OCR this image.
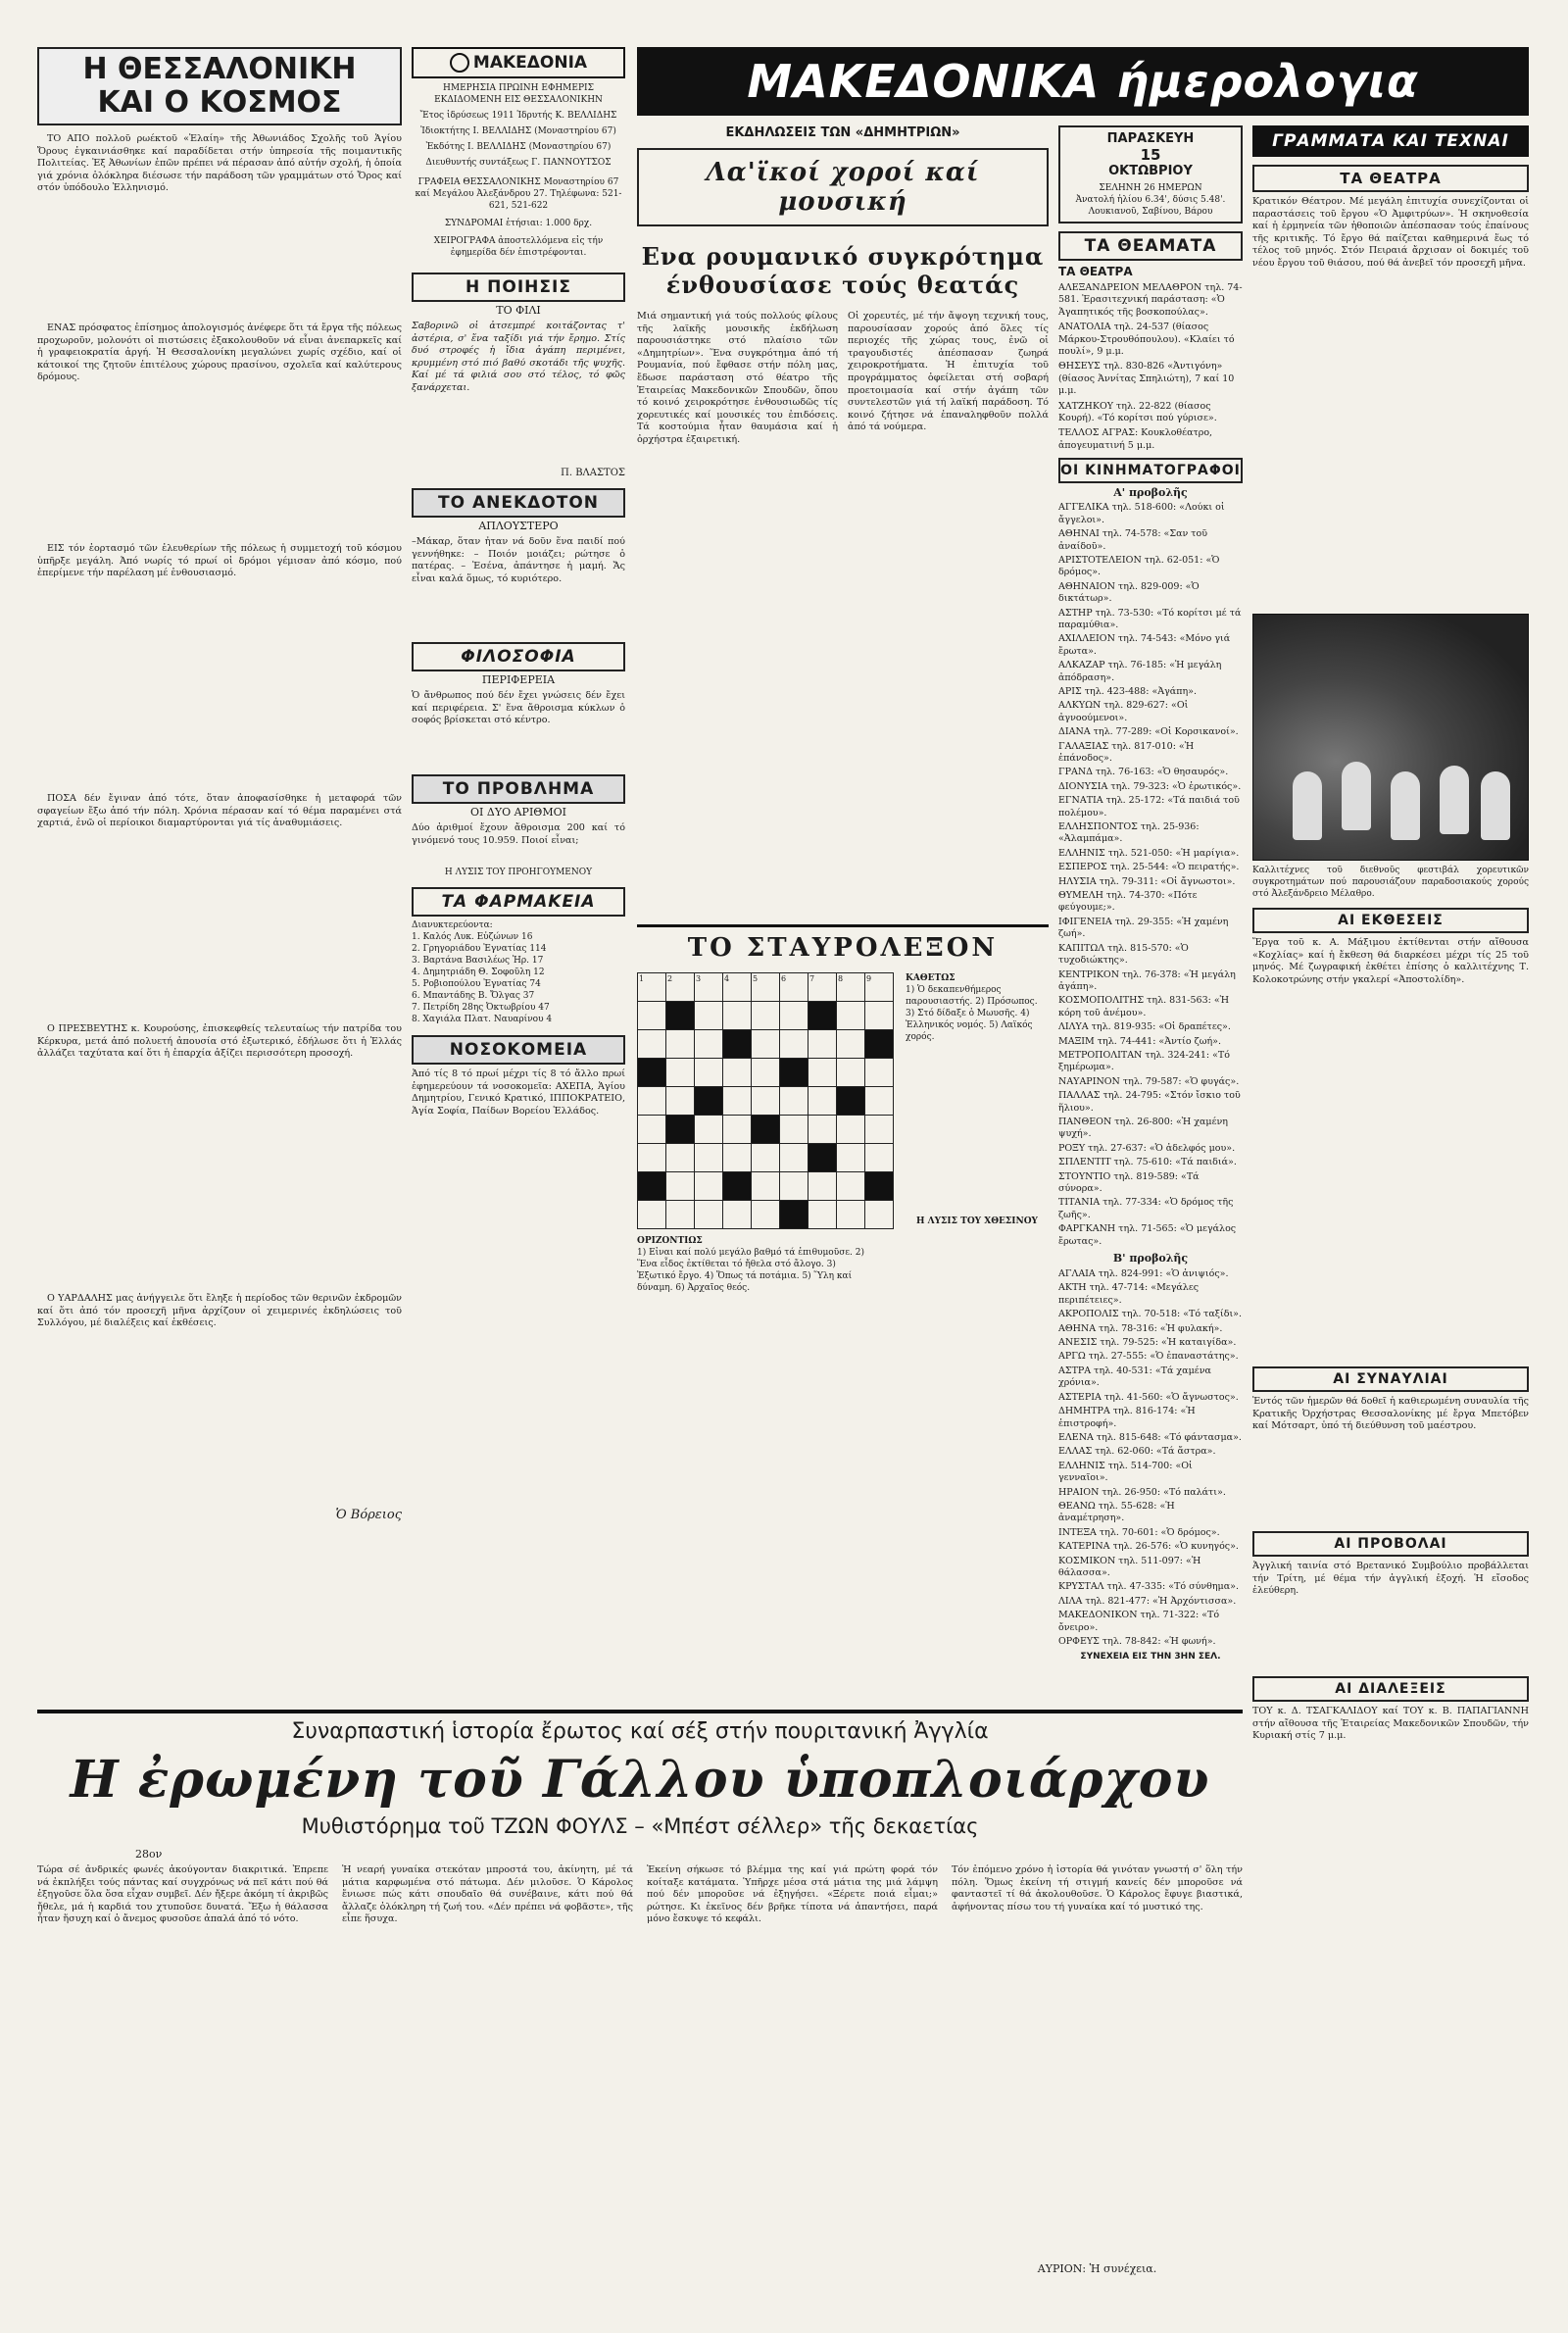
Η ΘΕΣΣΑΛΟΝΙΚΗ
ΚΑΙ Ο ΚΟΣΜΟΣ

ΤΟ ΑΠΟ πολλοῦ ρωέκτοῦ «Ἑλαίη» τῆς Ἀθωνιάδος Σχολῆς τοῦ Ἁγίου Ὄρους ἐγκαινιάσθηκε καί παραδίδεται στήν ὑπηρεσία τῆς ποιμαντικῆς Πολιτείας. Ἐξ Ἀθωνίων ἐπῶν πρέπει νά πέρασαν ἀπό αὐτήν σχολή, ἡ ὁποία γιά χρόνια ὁλόκληρα διέσωσε τήν παράδοση τῶν γραμμάτων στό Ὄρος καί στόν ὑπόδουλο Ἑλληνισμό.

ΕΝΑΣ πρόσφατος ἐπίσημος ἀπολογισμός ἀνέφερε ὅτι τά ἔργα τῆς πόλεως προχωροῦν, μολονότι οἱ πιστώσεις ἐξακολουθοῦν νά εἶναι ἀνεπαρκεῖς καί ἡ γραφειοκρατία ἀργή. Ἡ Θεσσαλονίκη μεγαλώνει χωρίς σχέδιο, καί οἱ κάτοικοί της ζητοῦν ἐπιτέλους χώρους πρασίνου, σχολεῖα καί καλύτερους δρόμους.

ΕΙΣ τόν ἑορτασμό τῶν ἐλευθερίων τῆς πόλεως ἡ συμμετοχή τοῦ κόσμου ὑπῆρξε μεγάλη. Ἀπό νωρίς τό πρωί οἱ δρόμοι γέμισαν ἀπό κόσμο, πού ἐπερίμενε τήν παρέλαση μέ ἐνθουσιασμό.

ΠΟΣΑ δέν ἔγιναν ἀπό τότε, ὅταν ἀποφασίσθηκε ἡ μεταφορά τῶν σφαγείων ἔξω ἀπό τήν πόλη. Χρόνια πέρασαν καί τό θέμα παραμένει στά χαρτιά, ἐνῶ οἱ περίοικοι διαμαρτύρονται γιά τίς ἀναθυμιάσεις.

Ο ΠΡΕΣΒΕΥΤΗΣ κ. Κουρούσης, ἐπισκεφθείς τελευταίως τήν πατρίδα του Κέρκυρα, μετά ἀπό πολυετή ἀπουσία στό ἐξωτερικό, ἐδήλωσε ὅτι ἡ Ἑλλάς ἀλλάζει ταχύτατα καί ὅτι ἡ ἐπαρχία ἀξίζει περισσότερη προσοχή.

Ο ΥΑΡΔΑΛΗΣ μας ἀνήγγειλε ὅτι ἔληξε ἡ περίοδος τῶν θερινῶν ἐκδρομῶν καί ὅτι ἀπό τόν προσεχῆ μῆνα ἀρχίζουν οἱ χειμερινές ἐκδηλώσεις τοῦ Συλλόγου, μέ διαλέξεις καί ἐκθέσεις.

Ὁ Βόρειος
ΜΑΚΕΔΟΝΙΑ
ΗΜΕΡΗΣΙΑ ΠΡΩΙΝΗ ΕΦΗΜΕΡΙΣ ΕΚΔΙΔΟΜΕΝΗ ΕΙΣ ΘΕΣΣΑΛΟΝΙΚΗΝ
Ἔτος ἱδρύσεως 1911 Ἱδρυτής Κ. ΒΕΛΛΙΔΗΣ
Ἰδιοκτήτης Ι. ΒΕΛΛΙΔΗΣ (Μοναστηρίου 67)
Ἐκδότης Ι. ΒΕΛΛΙΔΗΣ (Μοναστηρίου 67)
Διευθυντής συντάξεως Γ. ΠΑΝΝΟΥΤΣΟΣ
ΓΡΑΦΕΙΑ ΘΕΣΣΑΛΟΝΙΚΗΣ Μοναστηρίου 67 καί Μεγάλου Ἀλεξάνδρου 27. Τηλέφωνα: 521-621, 521-622
ΣΥΝΔΡΟΜΑΙ ἐτήσιαι: 1.000 δρχ.
ΧΕΙΡΟΓΡΑΦΑ ἀποστελλόμενα εἰς τήν ἐφημερίδα δέν ἐπιστρέφονται.
Η ΠΟΙΗΣΙΣ
ΤΟ ΦΙΛΙ
Σαβορινῶ οἱ ἀτσεμπρέ κοιτάζοντας τ' ἀστέρια, σ' ἕνα ταξίδι γιά τήν ἔρημο. Στίς δυό στροφές ἡ ἴδια ἀγάπη περιμένει, κρυμμένη στό πιό βαθύ σκοτάδι τῆς ψυχῆς. Καί μέ τά φιλιά σου στό τέλος, τό φῶς ξανάρχεται.
Π. ΒΛΑΣΤΟΣ
ΤΟ ΑΝΕΚΔΟΤΟΝ
ΑΠΛΟΥΣΤΕΡΟ
–Μάκαρ, ὅταν ἦταν νά δοῦν ἕνα παιδί πού γεννήθηκε: – Ποιόν μοιάζει; ρώτησε ὁ πατέρας. – Ἐσένα, ἀπάντησε ἡ μαμή. Ἄς εἶναι καλά ὅμως, τό κυριότερο.
ΦΙΛΟΣΟΦΙΑ
ΠΕΡΙΦΕΡΕΙΑ
Ὁ ἄνθρωπος πού δέν ἔχει γνώσεις δέν ἔχει καί περιφέρεια. Σ' ἕνα ἄθροισμα κύκλων ὁ σοφός βρίσκεται στό κέντρο.
ΤΟ ΠΡΟΒΛΗΜΑ
ΟΙ ΔΥΟ ΑΡΙΘΜΟΙ
Δύο ἀριθμοί ἔχουν ἄθροισμα 200 καί τό γινόμενό τους 10.959. Ποιοί εἶναι;
Η ΛΥΣΙΣ ΤΟΥ ΠΡΟΗΓΟΥΜΕΝΟΥ
ΤΑ ΦΑΡΜΑΚΕΙΑ
Διανυκτερεύοντα:
1. Καλός Λυκ. Εὐζώνων 16
2. Γρηγοριάδου Ἐγνατίας 114
3. Βαρτάνα Βασιλέως Ἠρ. 17
4. Δημητριάδη Θ. Σοφοῦλη 12
5. Ροβιοπούλου Ἐγνατίας 74
6. Μπαντάδης Β. Ὄλγας 37
7. Πετρίδη 28ης Ὀκτωβρίου 47
8. Χαγιάλα Πλατ. Ναυαρίνου 4
ΝΟΣΟΚΟΜΕΙΑ
Ἀπό τίς 8 τό πρωί μέχρι τίς 8 τό ἄλλο πρωί ἐφημερεύουν τά νοσοκομεῖα: ΑΧΕΠΑ, Ἁγίου Δημητρίου, Γενικό Κρατικό, ΙΠΠΟΚΡΑΤΕΙΟ, Ἀγία Σοφία, Παίδων Βορείου Ἑλλάδος.
ΜΑΚΕΔΟΝΙΚΑ ήμερολογια
ΕΚΔΗΛΩΣΕΙΣ ΤΩΝ «ΔΗΜΗΤΡΙΩΝ»
Λα'ϊκοί χοροί καί μουσική
Ενα ρουμανικό συγκρότημα
ένθουσίασε τούς θεατάς
Μιά σημαντική γιά τούς πολλούς φίλους τῆς λαϊκῆς μουσικῆς ἐκδήλωση παρουσιάστηκε στό πλαίσιο τῶν «Δημητρίων». Ἕνα συγκρότημα ἀπό τή Ρουμανία, πού ἔφθασε στήν πόλη μας, ἔδωσε παράσταση στό θέατρο τῆς Ἑταιρείας Μακεδονικῶν Σπουδῶν, ὅπου τό κοινό χειροκρότησε ἐνθουσιωδῶς τίς χορευτικές καί μουσικές του ἐπιδόσεις. Τά κοστούμια ἦταν θαυμάσια καί ἡ ὀρχήστρα ἐξαιρετική.
Οἱ χορευτές, μέ τήν ἄψογη τεχνική τους, παρουσίασαν χορούς ἀπό ὅλες τίς περιοχές τῆς χώρας τους, ἐνῶ οἱ τραγουδιστές ἀπέσπασαν ζωηρά χειροκροτήματα. Ἡ ἐπιτυχία τοῦ προγράμματος ὀφείλεται στή σοβαρή προετοιμασία καί στήν ἀγάπη τῶν συντελεστῶν γιά τή λαϊκή παράδοση. Τό κοινό ζήτησε νά ἐπαναληφθοῦν πολλά ἀπό τά νούμερα.
ΤΟ ΣΤΑΥΡΟΛΕΞΟΝ
1	2	3	4	5	6	7	8	9

ΟΡΙΖΟΝΤΙΩΣ
1) Εἶναι καί πολύ μεγάλο βαθμό τά ἐπιθυμοῦσε. 2) Ἕνα εἶδος ἐκτίθεται τό ἤθελα στό ἄλογο. 3) Ἐξωτικό ἔργο. 4) Ὅπως τά ποτάμια. 5) Ὕλη καί δύναμη. 6) Ἀρχαῖος θεός.
ΚΑΘΕΤΩΣ
1) Ὁ δεκαπενθήμερος παρουσιαστής. 2) Πρόσωπος. 3) Στό δίδαξε ὁ Μωυσῆς. 4) Ἑλληνικός νομός. 5) Λαϊκός χορός.
Η ΛΥΣΙΣ ΤΟΥ ΧΘΕΣΙΝΟΥ
ΠΑΡΑΣΚΕΥΗ
15
ΟΚΤΩΒΡΙΟΥ
ΣΕΛΗΝΗ 26 ΗΜΕΡΩΝ
Ἀνατολή ἡλίου 6.34', δύσις 5.48'.
Λουκιανοῦ, Σαβίνου, Βάρου
ΤΑ ΘΕΑΜΑΤΑ
ΤΑ ΘΕΑΤΡΑ
ΑΛΕΞΑΝΔΡΕΙΟΝ ΜΕΛΑΘΡΟΝ τηλ. 74-581. Ἐρασιτεχνική παράσταση: «Ὁ Ἀγαπητικός τῆς βοσκοπούλας».
ΑΝΑΤΟΛΙΑ τηλ. 24-537 (θίασος Μάρκου-Στρουθόπουλου). «Κλαίει τό πουλί», 9 μ.μ.
ΘΗΣΕΥΣ τηλ. 830-826 «Ἀντιγόνη» (θίασος Ἀννίτας Σπηλιώτη), 7 καί 10 μ.μ.
ΧΑΤΖΗΚΟΥ τηλ. 22-822 (θίασος Κουρή). «Τό κορίτσι πού γύρισε».
ΤΕΛΛΟΣ ΑΓΡΑΣ: Κουκλοθέατρο, ἀπογευματινή 5 μ.μ.
ΟΙ ΚΙΝΗΜΑΤΟΓΡΑΦΟΙ
Α' προβολῆς
ΑΓΓΕΛΙΚΑ τηλ. 518-600: «Λούκι οἱ ἄγγελοι».
ΑΘΗΝΑΙ τηλ. 74-578: «Σαν τοῦ ἀναίδοῦ».
ΑΡΙΣΤΟΤΕΛΕΙΟΝ τηλ. 62-051: «Ὁ δρόμος».
ΑΘΗΝΑΙΟΝ τηλ. 829-009: «Ὁ δικτάτωρ».
ΑΣΤΗΡ τηλ. 73-530: «Τό κορίτσι μέ τά παραμύθια».
ΑΧΙΛΛΕΙΟΝ τηλ. 74-543: «Μόνο γιά ἔρωτα».
ΑΛΚΑΖΑΡ τηλ. 76-185: «Ἡ μεγάλη ἀπόδραση».
ΑΡΙΣ τηλ. 423-488: «Ἀγάπη».
ΑΛΚΥΩΝ τηλ. 829-627: «Οἱ ἀγνοούμενοι».
ΔΙΑΝΑ τηλ. 77-289: «Οἱ Κορσικανοί».
ΓΑΛΑΞΙΑΣ τηλ. 817-010: «Ἡ ἐπάνοδος».
ΓΡΑΝΔ τηλ. 76-163: «Ὁ θησαυρός».
ΔΙΟΝΥΣΙΑ τηλ. 79-323: «Ὁ ἐρωτικός».
ΕΓΝΑΤΙΑ τηλ. 25-172: «Τά παιδιά τοῦ πολέμου».
ΕΛΛΗΣΠΟΝΤΟΣ τηλ. 25-936: «Ἀλαμπάμα».
ΕΛΛΗΝΙΣ τηλ. 521-050: «Ἡ μαρίγια».
ΕΣΠΕΡΟΣ τηλ. 25-544: «Ὁ πειρατής».
ΗΛΥΣΙΑ τηλ. 79-311: «Οἱ ἄγνωστοι».
ΘΥΜΕΛΗ τηλ. 74-370: «Πότε φεύγουμε;».
ΙΦΙΓΕΝΕΙΑ τηλ. 29-355: «Ἡ χαμένη ζωή».
ΚΑΠΙΤΩΛ τηλ. 815-570: «Ὁ τυχοδιώκτης».
ΚΕΝΤΡΙΚΟΝ τηλ. 76-378: «Ἡ μεγάλη ἀγάπη».
ΚΟΣΜΟΠΟΛΙΤΗΣ τηλ. 831-563: «Ἡ κόρη τοῦ ἀνέμου».
ΛΙΛΥΑ τηλ. 819-935: «Οἱ δραπέτες».
ΜΑΞΙΜ τηλ. 74-441: «Ἀντίο ζωή».
ΜΕΤΡΟΠΟΛΙΤΑΝ τηλ. 324-241: «Τό ξημέρωμα».
ΝΑΥΑΡΙΝΟΝ τηλ. 79-587: «Ὁ φυγάς».
ΠΑΛΛΑΣ τηλ. 24-795: «Στόν ἴσκιο τοῦ ἥλιου».
ΠΑΝΘΕΟΝ τηλ. 26-800: «Ἡ χαμένη ψυχή».
ΡΟΞΥ τηλ. 27-637: «Ὁ ἀδελφός μου».
ΣΠΛΕΝΤΙΤ τηλ. 75-610: «Τά παιδιά».
ΣΤΟΥΝΤΙΟ τηλ. 819-589: «Τά σύνορα».
ΤΙΤΑΝΙΑ τηλ. 77-334: «Ὁ δρόμος τῆς ζωῆς».
ΦΑΡΓΚΑΝΗ τηλ. 71-565: «Ὁ μεγάλος ἔρωτας».
Β' προβολῆς
ΑΓΛΑΙΑ τηλ. 824-991: «Ὁ ἀνιψιός».
ΑΚΤΗ τηλ. 47-714: «Μεγάλες περιπέτειες».
ΑΚΡΟΠΟΛΙΣ τηλ. 70-518: «Τό ταξίδι».
ΑΘΗΝΑ τηλ. 78-316: «Ἡ φυλακή».
ΑΝΕΣΙΣ τηλ. 79-525: «Ἡ καταιγίδα».
ΑΡΓΩ τηλ. 27-555: «Ὁ ἐπαναστάτης».
ΑΣΤΡΑ τηλ. 40-531: «Τά χαμένα χρόνια».
ΑΣΤΕΡΙΑ τηλ. 41-560: «Ὁ ἄγνωστος».
ΔΗΜΗΤΡΑ τηλ. 816-174: «Ἡ ἐπιστροφή».
ΕΛΕΝΑ τηλ. 815-648: «Τό φάντασμα».
ΕΛΛΑΣ τηλ. 62-060: «Τά ἄστρα».
ΕΛΛΗΝΙΣ τηλ. 514-700: «Οἱ γενναῖοι».
ΗΡΑΙΟΝ τηλ. 26-950: «Τό παλάτι».
ΘΕΑΝΩ τηλ. 55-628: «Ἡ ἀναμέτρηση».
ΙΝΤΕΞΑ τηλ. 70-601: «Ὁ δρόμος».
ΚΑΤΕΡΙΝΑ τηλ. 26-576: «Ὁ κυνηγός».
ΚΟΣΜΙΚΟΝ τηλ. 511-097: «Ἡ θάλασσα».
ΚΡΥΣΤΑΛ τηλ. 47-335: «Τό σύνθημα».
ΛΙΛΑ τηλ. 821-477: «Ἡ Ἀρχόντισσα».
ΜΑΚΕΔΟΝΙΚΟΝ τηλ. 71-322: «Τό ὄνειρο».
ΟΡΦΕΥΣ τηλ. 78-842: «Ἡ φωνή».
ΣΥΝΕΧΕΙΑ ΕΙΣ ΤΗΝ 3ΗΝ ΣΕΛ.
ΓΡΑΜΜΑΤΑ ΚΑΙ ΤΕΧΝΑΙ
ΤΑ ΘΕΑΤΡΑ
Κρατικόν Θέατρον. Μέ μεγάλη ἐπιτυχία συνεχίζονται οἱ παραστάσεις τοῦ ἔργου «Ὁ Ἀμφιτρύων». Ἡ σκηνοθεσία καί ἡ ἑρμηνεία τῶν ἠθοποιῶν ἀπέσπασαν τούς ἐπαίνους τῆς κριτικῆς. Τό ἔργο θά παίζεται καθημερινά ἕως τό τέλος τοῦ μηνός. Στόν Πειραιά ἄρχισαν οἱ δοκιμές τοῦ νέου ἔργου τοῦ θιάσου, πού θά ἀνεβεῖ τόν προσεχῆ μῆνα.
Καλλιτέχνες τοῦ διεθνοῦς φεστιβάλ χορευτικῶν συγκροτημάτων πού παρουσιάζουν παραδοσιακούς χορούς στό Ἀλεξάνδρειο Μέλαθρο.
ΑΙ ΕΚΘΕΣΕΙΣ
Ἔργα τοῦ κ. Α. Μάξιμου ἐκτίθενται στήν αἴθουσα «Κοχλίας» καί ἡ ἔκθεση θά διαρκέσει μέχρι τίς 25 τοῦ μηνός. Μέ ζωγραφική ἐκθέτει ἐπίσης ὁ καλλιτέχνης Τ. Κολοκοτρώνης στήν γκαλερί «Ἀποστολίδη».
ΑΙ ΣΥΝΑΥΛΙΑΙ
Ἐντός τῶν ἡμερῶν θά δοθεῖ ἡ καθιερωμένη συναυλία τῆς Κρατικῆς Ὀρχήστρας Θεσσαλονίκης μέ ἔργα Μπετόβεν καί Μότσαρτ, ὑπό τή διεύθυνση τοῦ μαέστρου.
ΑΙ ΠΡΟΒΟΛΑΙ
Ἀγγλική ταινία στό Βρετανικό Συμβούλιο προβάλλεται τήν Τρίτη, μέ θέμα τήν ἀγγλική ἐξοχή. Ἡ εἴσοδος ἐλεύθερη.
ΑΙ ΔΙΑΛΕΞΕΙΣ
ΤΟΥ κ. Δ. ΤΣΑΓΚΑΛΙΔΟΥ καί ΤΟΥ κ. Β. ΠΑΠΑΓΙΑΝΝΗ στήν αἴθουσα τῆς Ἑταιρείας Μακεδονικῶν Σπουδῶν, τήν Κυριακή στίς 7 μ.μ.
Συναρπαστική ἱστορία ἔρωτος καί σέξ στήν πουριτανική Ἀγγλία
Η ἐρωμένη τοῦ Γάλλου ὑποπλοιάρχου
Μυθιστόρημα τοῦ ΤΖΩΝ ΦΟΥΛΣ – «Μπέστ σέλλερ» τῆς δεκαετίας
28ον
Τώρα σέ ἀνδρικές φωνές ἀκούγονταν διακριτικά. Ἐπρεπε νά ἐκπλήξει τούς πάντας καί συγχρόνως νά πεῖ κάτι πού θά ἐξηγοῦσε ὅλα ὅσα εἶχαν συμβεῖ. Δέν ἤξερε ἀκόμη τί ἀκριβῶς ἤθελε, μά ἡ καρδιά του χτυποῦσε δυνατά. Ἔξω ἡ θάλασσα ἦταν ἥσυχη καί ὁ ἄνεμος φυσοῦσε ἀπαλά ἀπό τό νότο.
Ἡ νεαρή γυναίκα στεκόταν μπροστά του, ἀκίνητη, μέ τά μάτια καρφωμένα στό πάτωμα. Δέν μιλοῦσε. Ὁ Κάρολος ἔνιωσε πώς κάτι σπουδαῖο θά συνέβαινε, κάτι πού θά ἄλλαζε ὁλόκληρη τή ζωή του. «Δέν πρέπει νά φοβᾶστε», τῆς εἶπε ἥσυχα.
Ἐκείνη σήκωσε τό βλέμμα της καί γιά πρώτη φορά τόν κοίταξε κατάματα. Ὑπῆρχε μέσα στά μάτια της μιά λάμψη πού δέν μποροῦσε νά ἐξηγήσει. «Ξέρετε ποιά εἶμαι;» ρώτησε. Κι ἐκεῖνος δέν βρῆκε τίποτα νά ἀπαντήσει, παρά μόνο ἔσκυψε τό κεφάλι.
Τόν ἐπόμενο χρόνο ἡ ἱστορία θά γινόταν γνωστή σ' ὅλη τήν πόλη. Ὅμως ἐκείνη τή στιγμή κανείς δέν μποροῦσε νά φανταστεῖ τί θά ἀκολουθοῦσε. Ὁ Κάρολος ἔφυγε βιαστικά, ἀφήνοντας πίσω του τή γυναίκα καί τό μυστικό της.
ΑΥΡΙΟΝ: Ἡ συνέχεια.
